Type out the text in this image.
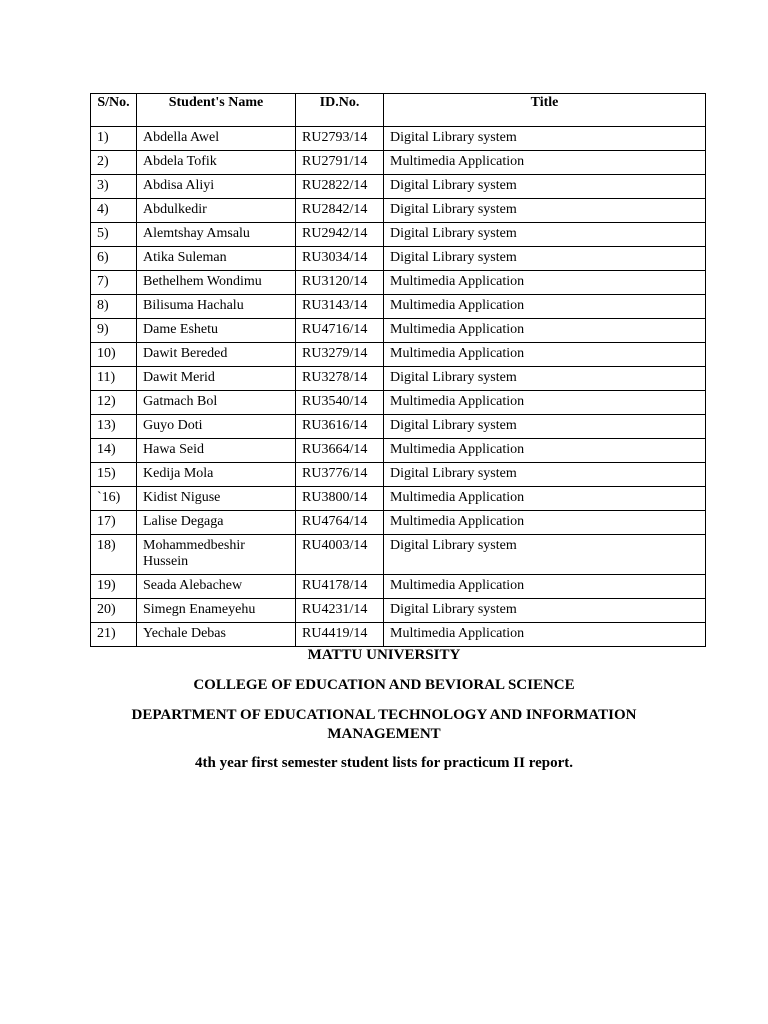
S/No.	Student's Name	ID.No.	Title
1)	Abdella Awel	RU2793/14	Digital Library system
2)	Abdela Tofik	RU2791/14	Multimedia Application
3)	Abdisa Aliyi	RU2822/14	Digital Library system
4)	Abdulkedir	RU2842/14	Digital Library system
5)	Alemtshay Amsalu	RU2942/14	Digital Library system
6)	Atika Suleman	RU3034/14	Digital Library system
7)	Bethelhem Wondimu	RU3120/14	Multimedia Application
8)	Bilisuma Hachalu	RU3143/14	Multimedia Application
9)	Dame Eshetu	RU4716/14	Multimedia Application
10)	Dawit Bereded	RU3279/14	Multimedia Application
11)	Dawit Merid	RU3278/14	Digital Library system
12)	Gatmach Bol	RU3540/14	Multimedia Application
13)	Guyo Doti	RU3616/14	Digital Library system
14)	Hawa Seid	RU3664/14	Multimedia Application
15)	Kedija Mola	RU3776/14	Digital Library system
`16)	Kidist Niguse	RU3800/14	Multimedia Application
17)	Lalise Degaga	RU4764/14	Multimedia Application
18)	Mohammedbeshir Hussein	RU4003/14	Digital Library system
19)	Seada Alebachew	RU4178/14	Multimedia Application
20)	Simegn Enameyehu	RU4231/14	Digital Library system
21)	Yechale Debas	RU4419/14	Multimedia Application
MATTU UNIVERSITY
COLLEGE OF EDUCATION AND BEVIORAL SCIENCE
DEPARTMENT OF EDUCATIONAL TECHNOLOGY AND INFORMATION MANAGEMENT
4th year first semester student lists for practicum II report.
